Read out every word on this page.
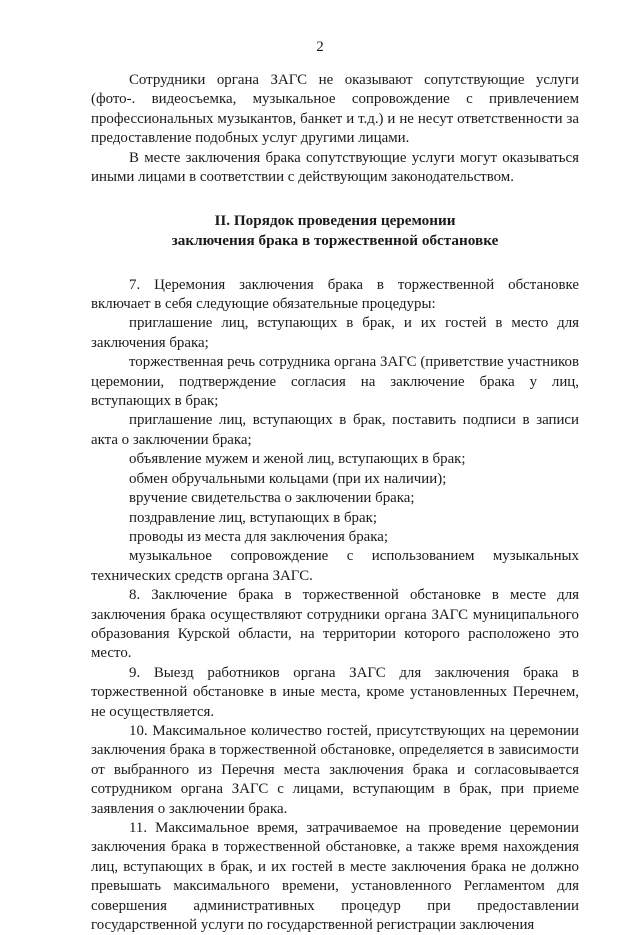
2

Сотрудники органа ЗАГС не оказывают сопутствующие услуги (фото-. видеосъемка, музыкальное сопровождение с привлечением профессиональных музыкантов, банкет и т.д.) и не несут ответственности за предоставление подобных услуг другими лицами.

В месте заключения брака сопутствующие услуги могут оказываться иными лицами в соответствии с действующим законодательством.

II. Порядок проведения церемонии
заключения брака в торжественной обстановке

7. Церемония заключения брака в торжественной обстановке включает в себя следующие обязательные процедуры:

приглашение лиц, вступающих в брак, и их гостей в место для заключения брака;

торжественная речь сотрудника органа ЗАГС (приветствие участников церемонии, подтверждение согласия на заключение брака у лиц, вступающих в брак;

приглашение лиц, вступающих в брак, поставить подписи в записи акта о заключении брака;

объявление мужем и женой лиц, вступающих в брак;

обмен обручальными кольцами (при их наличии);

вручение свидетельства о заключении брака;

поздравление лиц, вступающих в брак;

проводы из места для заключения брака;

музыкальное сопровождение с использованием музыкальных технических средств органа ЗАГС.

8. Заключение брака в торжественной обстановке в месте для заключения брака осуществляют сотрудники органа ЗАГС муниципального образования Курской области, на территории которого расположено это место.

9. Выезд работников органа ЗАГС для заключения брака в торжественной обстановке в иные места, кроме установленных Перечнем, не осуществляется.

10. Максимальное количество гостей, присутствующих на церемонии заключения брака в торжественной обстановке, определяется в зависимости от выбранного из Перечня места заключения брака и согласовывается сотрудником органа ЗАГС с лицами, вступающим в брак, при приеме заявления о заключении брака.

11. Максимальное время, затрачиваемое на проведение церемонии заключения брака в торжественной обстановке, а также время нахождения лиц, вступающих в брак, и их гостей в месте заключения брака не должно превышать максимального времени, установленного Регламентом для совершения административных процедур при предоставлении государственной услуги по государственной регистрации заключения
